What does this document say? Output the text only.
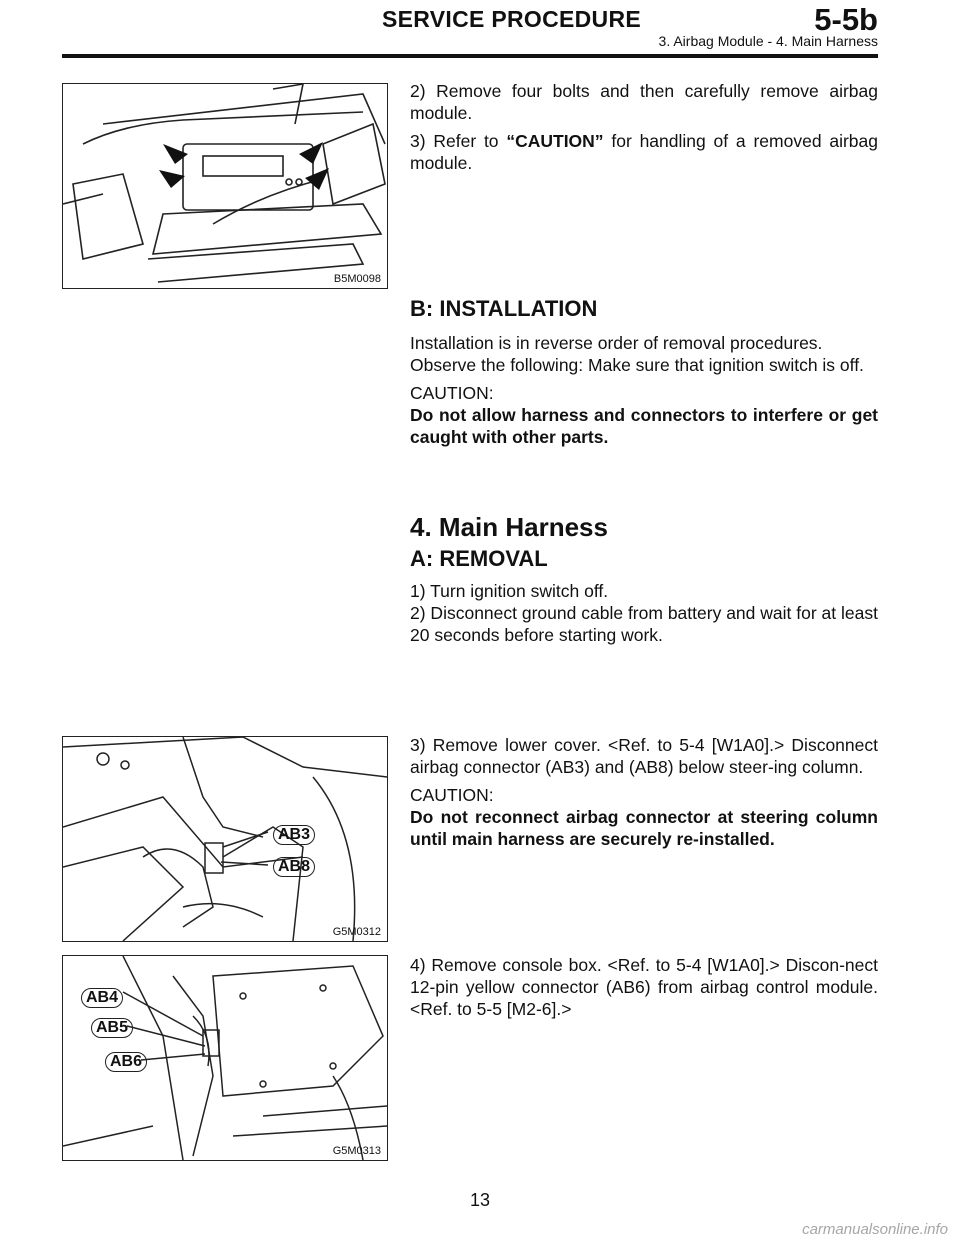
SERVICE PROCEDURE	5-5b
3. Airbag Module - 4. Main Harness
B5M0098

2) Remove four bolts and then carefully remove airbag module.

3) Refer to “CAUTION” for handling of a removed airbag module.

B: INSTALLATION

Installation is in reverse order of removal procedures.

Observe the following: Make sure that ignition switch is off.

CAUTION:

Do not allow harness and connectors to interfere or get caught with other parts.

4. Main Harness
A: REMOVAL

1) Turn ignition switch off.

2) Disconnect ground cable from battery and wait for at least 20 seconds before starting work.

AB3
AB8
G5M0312

3) Remove lower cover. <Ref. to 5-4 [W1A0].> Disconnect airbag connector (AB3) and (AB8) below steer-ing column.

CAUTION:

Do not reconnect airbag connector at steering column until main harness are securely re-installed.

AB4
AB5
AB6
G5M0313

4) Remove console box. <Ref. to 5-4 [W1A0].> Discon-nect 12-pin yellow connector (AB6) from airbag control module. <Ref. to 5-5 [M2-6].>

13
carmanualsonline.info
